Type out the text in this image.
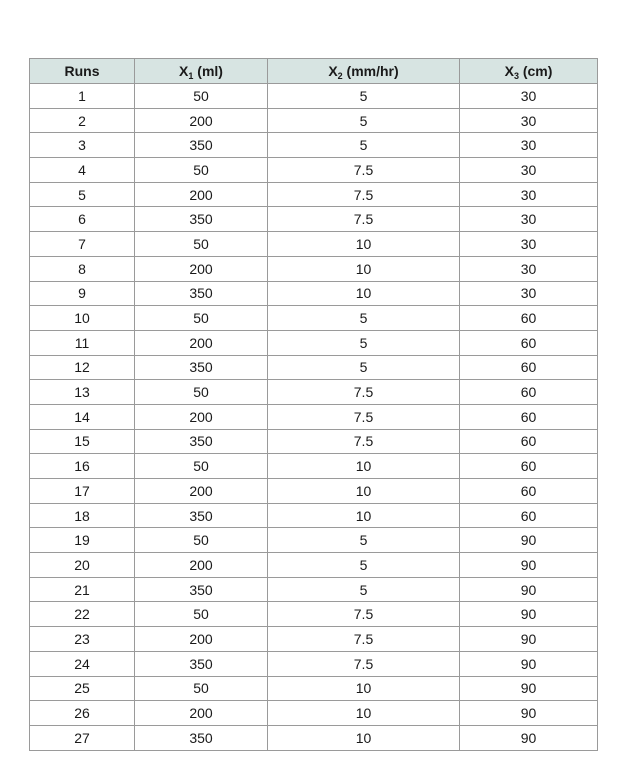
Runs	$X_1$ (ml)	$X_2$ (mm/hr)	$X_3$ (cm)
1	50	5	30
2	200	5	30
3	350	5	30
4	50	7.5	30
5	200	7.5	30
6	350	7.5	30
7	50	10	30
8	200	10	30
9	350	10	30
10	50	5	60
11	200	5	60
12	350	5	60
13	50	7.5	60
14	200	7.5	60
15	350	7.5	60
16	50	10	60
17	200	10	60
18	350	10	60
19	50	5	90
20	200	5	90
21	350	5	90
22	50	7.5	90
23	200	7.5	90
24	350	7.5	90
25	50	10	90
26	200	10	90
27	350	10	90
